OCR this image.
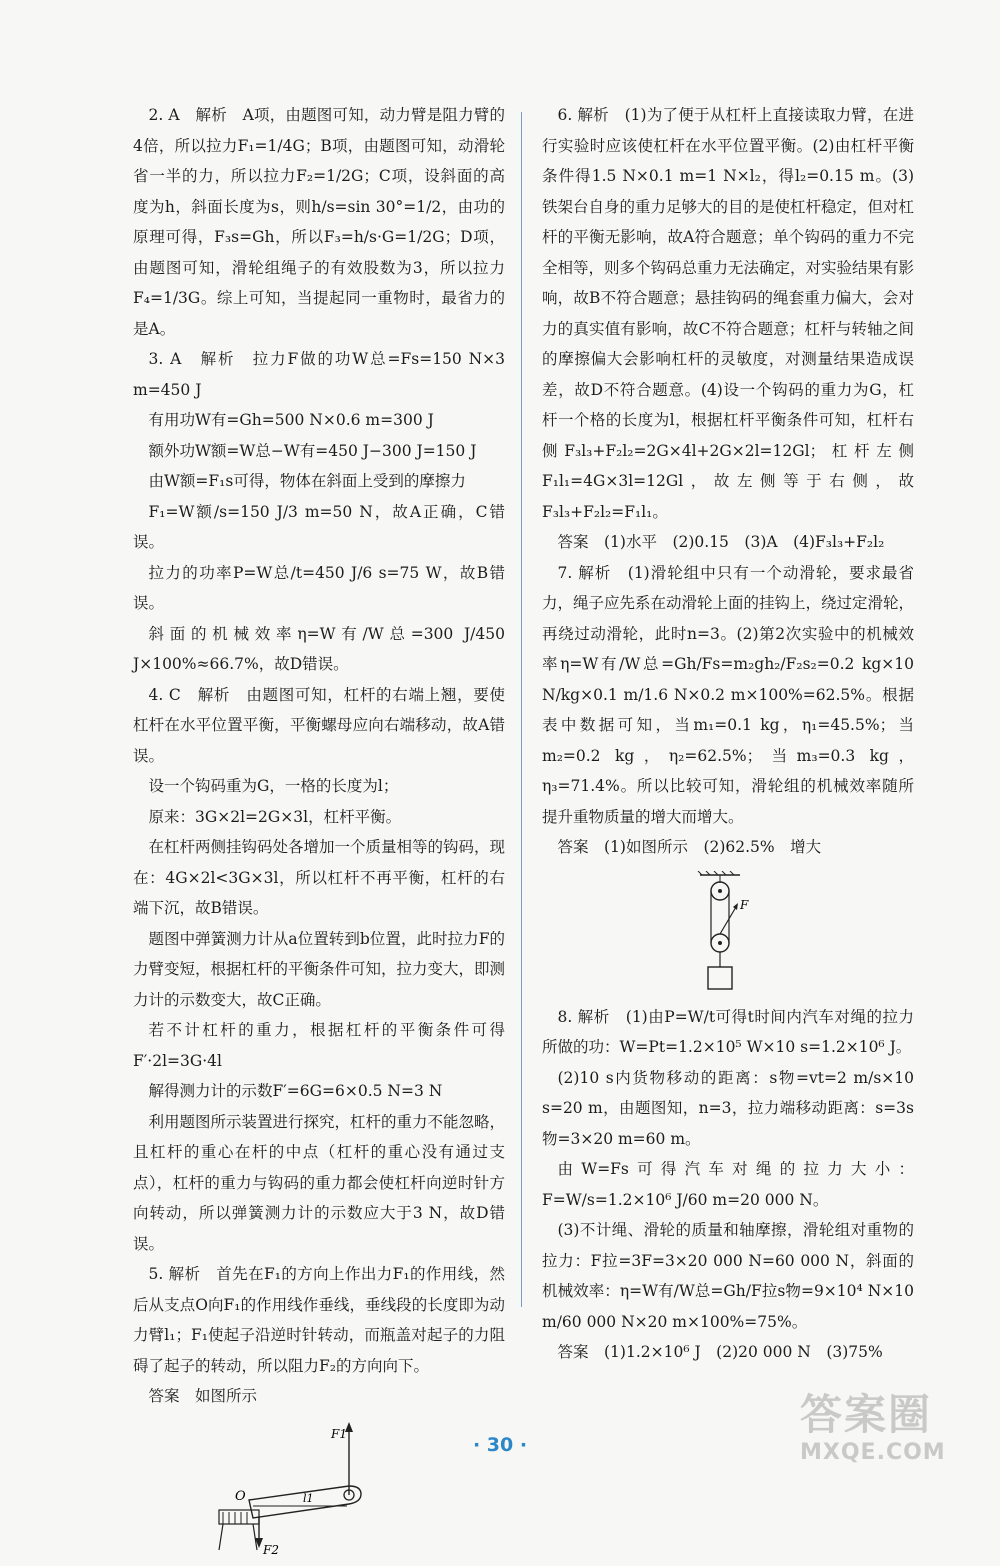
2. A　解析　A项，由题图可知，动力臂是阻力臂的4倍，所以拉力F₁=1/4G；B项，由题图可知，动滑轮省一半的力，所以拉力F₂=1/2G；C项，设斜面的高度为h，斜面长度为s，则h/s=sin 30°=1/2，由功的原理可得，F₃s=Gh，所以F₃=h/s·G=1/2G；D项，由题图可知，滑轮组绳子的有效股数为3，所以拉力F₄=1/3G。综上可知，当提起同一重物时，最省力的是A。

3. A　解析　拉力F做的功W总=Fs=150 N×3 m=450 J

有用功W有=Gh=500 N×0.6 m=300 J

额外功W额=W总−W有=450 J−300 J=150 J

由W额=F₁s可得，物体在斜面上受到的摩擦力

F₁=W额/s=150 J/3 m=50 N，故A正确，C错误。

拉力的功率P=W总/t=450 J/6 s=75 W，故B错误。

斜面的机械效率η=W有/W总=300 J/450 J×100%≈66.7%，故D错误。

4. C　解析　由题图可知，杠杆的右端上翘，要使杠杆在水平位置平衡，平衡螺母应向右端移动，故A错误。

设一个钩码重为G，一格的长度为l；

原来：3G×2l=2G×3l，杠杆平衡。

在杠杆两侧挂钩码处各增加一个质量相等的钩码，现在：4G×2l<3G×3l，所以杠杆不再平衡，杠杆的右端下沉，故B错误。

题图中弹簧测力计从a位置转到b位置，此时拉力F的力臂变短，根据杠杆的平衡条件可知，拉力变大，即测力计的示数变大，故C正确。

若不计杠杆的重力，根据杠杆的平衡条件可得F′·2l=3G·4l

解得测力计的示数F′=6G=6×0.5 N=3 N

利用题图所示装置进行探究，杠杆的重力不能忽略，且杠杆的重心在杆的中点（杠杆的重心没有通过支点），杠杆的重力与钩码的重力都会使杠杆向逆时针方向转动，所以弹簧测力计的示数应大于3 N，故D错误。

5. 解析　首先在F₁的方向上作出力F₁的作用线，然后从支点O向F₁的作用线作垂线，垂线段的长度即为动力臂l₁；F₁使起子沿逆时针转动，而瓶盖对起子的力阻碍了起子的转动，所以阻力F₂的方向向下。

答案　如图所示

F1
l1
O
F2

6. 解析　(1)为了便于从杠杆上直接读取力臂，在进行实验时应该使杠杆在水平位置平衡。(2)由杠杆平衡条件得1.5 N×0.1 m=1 N×l₂，得l₂=0.15 m。(3)铁架台自身的重力足够大的目的是使杠杆稳定，但对杠杆的平衡无影响，故A符合题意；单个钩码的重力不完全相等，则多个钩码总重力无法确定，对实验结果有影响，故B不符合题意；悬挂钩码的绳套重力偏大，会对力的真实值有影响，故C不符合题意；杠杆与转轴之间的摩擦偏大会影响杠杆的灵敏度，对测量结果造成误差，故D不符合题意。(4)设一个钩码的重力为G，杠杆一个格的长度为l，根据杠杆平衡条件可知，杠杆右侧F₃l₃+F₂l₂=2G×4l+2G×2l=12Gl；杠杆左侧F₁l₁=4G×3l=12Gl，故左侧等于右侧，故F₃l₃+F₂l₂=F₁l₁。

答案　(1)水平　(2)0.15　(3)A　(4)F₃l₃+F₂l₂

7. 解析　(1)滑轮组中只有一个动滑轮，要求最省力，绳子应先系在动滑轮上面的挂钩上，绕过定滑轮，再绕过动滑轮，此时n=3。(2)第2次实验中的机械效率η=W有/W总=Gh/Fs=m₂gh₂/F₂s₂=0.2 kg×10 N/kg×0.1 m/1.6 N×0.2 m×100%=62.5%。根据表中数据可知，当m₁=0.1 kg，η₁=45.5%；当m₂=0.2 kg，η₂=62.5%；当m₃=0.3 kg，η₃=71.4%。所以比较可知，滑轮组的机械效率随所提升重物质量的增大而增大。

答案　(1)如图所示　(2)62.5%　增大

F

8. 解析　(1)由P=W/t可得t时间内汽车对绳的拉力所做的功：W=Pt=1.2×10⁵ W×10 s=1.2×10⁶ J。

(2)10 s内货物移动的距离：s物=vt=2 m/s×10 s=20 m，由题图知，n=3，拉力端移动距离：s=3s物=3×20 m=60 m。

由W=Fs可得汽车对绳的拉力大小：F=W/s=1.2×10⁶ J/60 m=20 000 N。

(3)不计绳、滑轮的质量和轴摩擦，滑轮组对重物的拉力：F拉=3F=3×20 000 N=60 000 N，斜面的机械效率：η=W有/W总=Gh/F拉s物=9×10⁴ N×10 m/60 000 N×20 m×100%=75%。

答案　(1)1.2×10⁶ J　(2)20 000 N　(3)75%

· 30 ·
答案圈
MXQE.COM
